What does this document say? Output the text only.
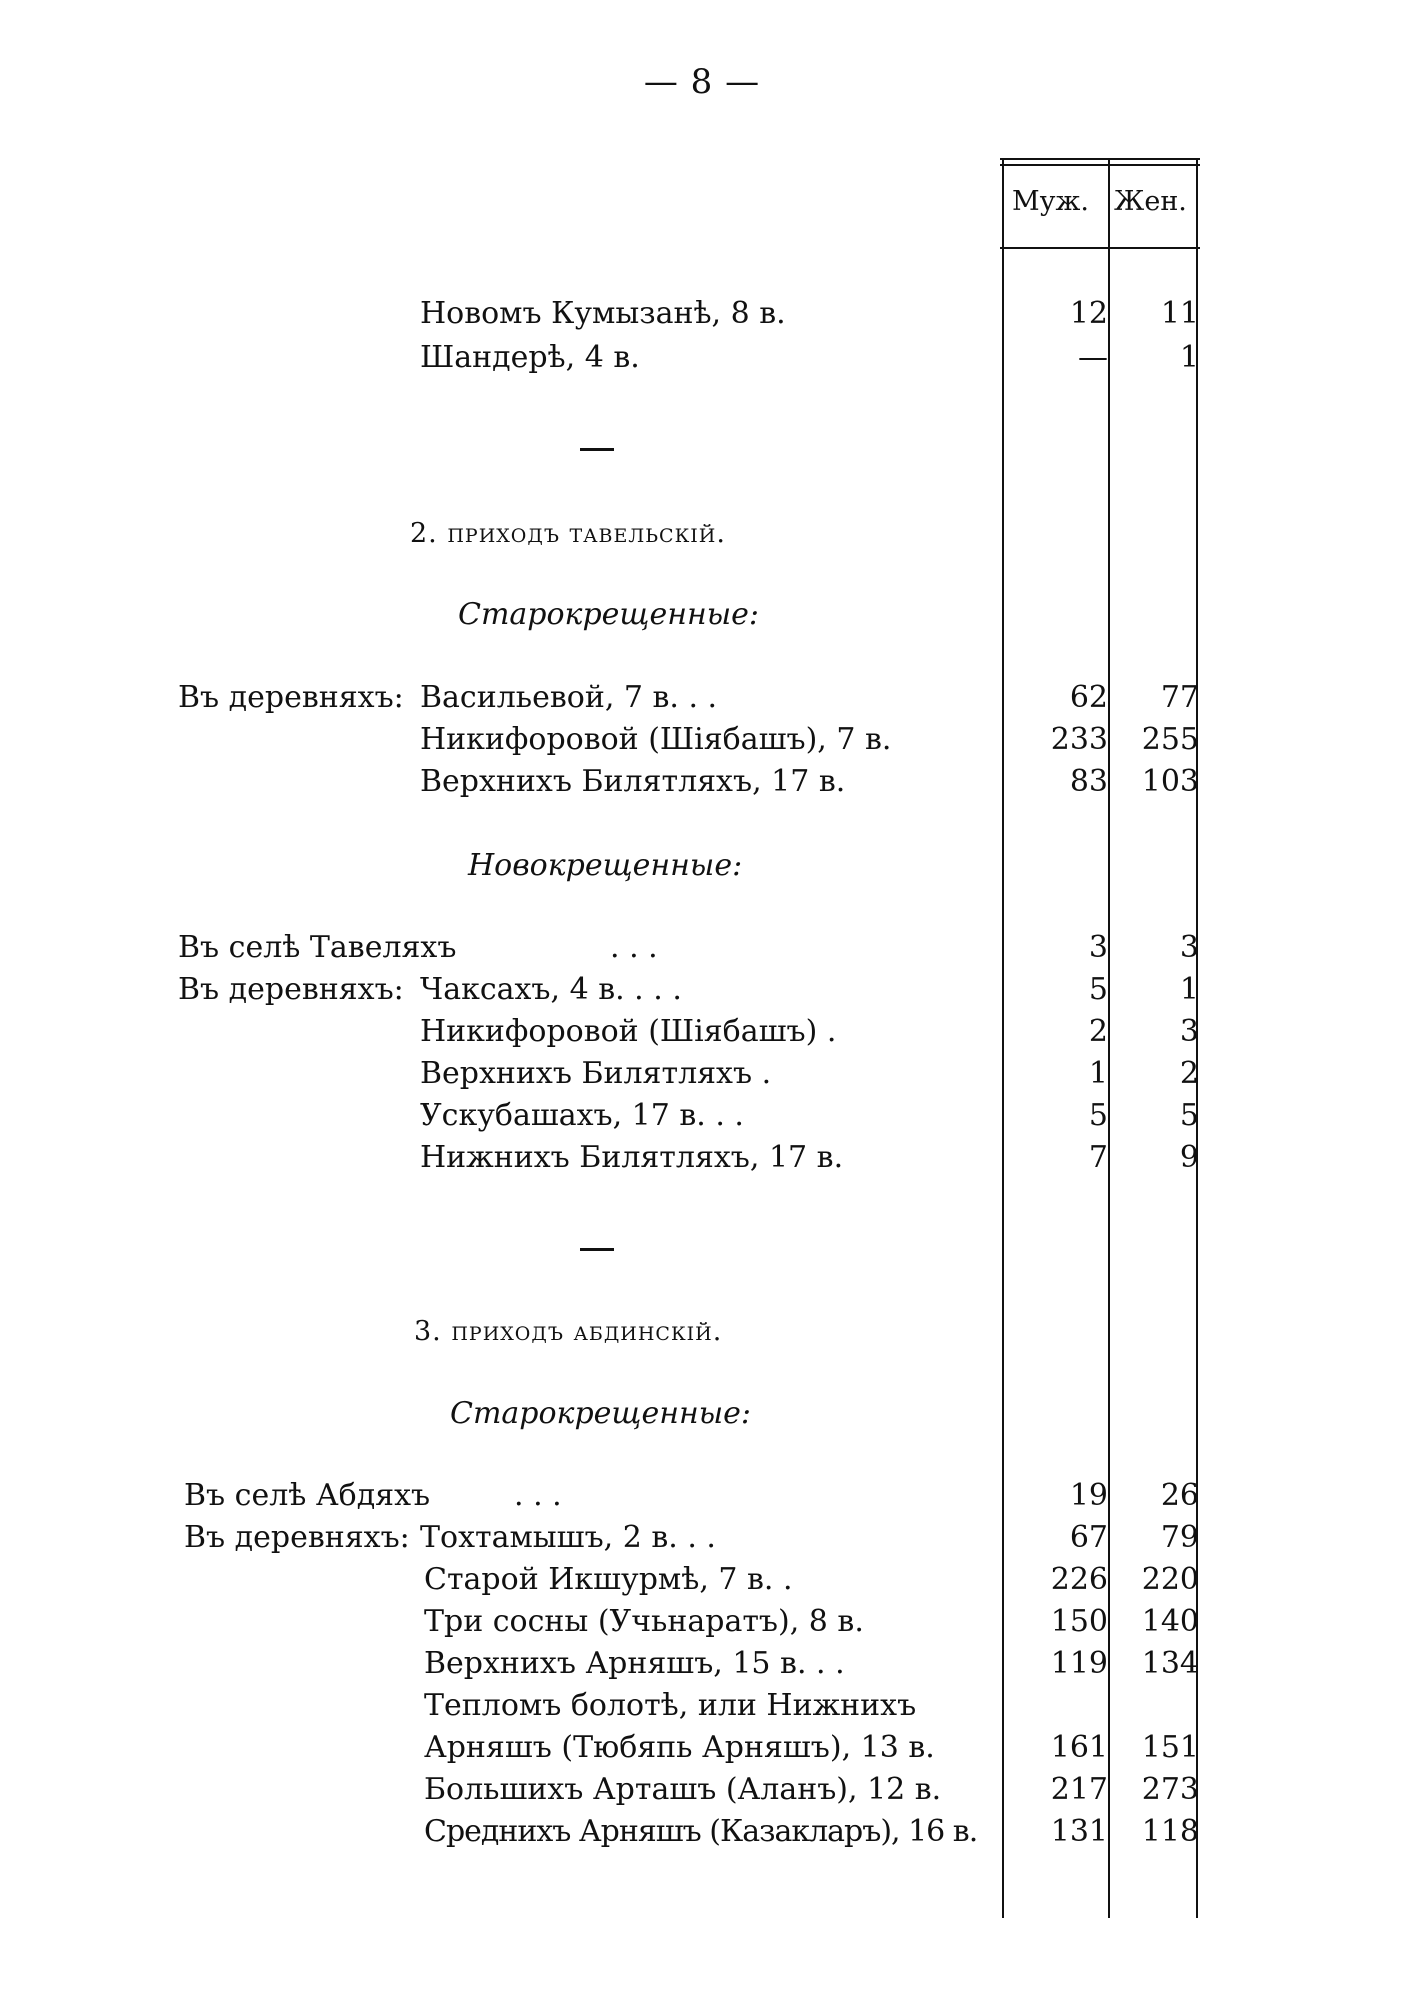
— 8 —
Муж. Жен.
Новомъ Кумызанѣ, 8 в.	12	11
Шандерѣ, 4 в.	—	1
2. приходъ тавельскій.
Старокрещенные:
Въ деревняхъ: Васильевой, 7 в. . .	62	77
Никифоровой (Шіябашъ), 7 в.	233	255
Верхнихъ Билятляхъ, 17 в.	83	103
Новокрещенные:
Въ селѣ Тавеляхъ	. . .	3	3
Въ деревняхъ: Чаксахъ, 4 в. . . .	5	1
Никифоровой (Шіябашъ) .	2	3
Верхнихъ Билятляхъ .	1	2
Ускубашахъ, 17 в. . .	5	5
Нижнихъ Билятляхъ, 17 в.	7	9
3. приходъ абдинскій.
Старокрещенные:
Въ селѣ Абдяхъ	. . .	19	26
Въ деревняхъ: Тохтамышъ, 2 в. . .	67	79
Старой Икшурмѣ, 7 в. .	226	220
Три сосны (Учьнаратъ), 8 в.	150	140
Верхнихъ Арняшъ, 15 в. . .	119	134
Тепломъ болотѣ, или Нижнихъ
Арняшъ (Тюбяпь Арняшъ), 13 в.	161	151
Большихъ Арташъ (Аланъ), 12 в.	217	273
Среднихъ Арняшъ (Казакларъ), 16 в.	131	118
